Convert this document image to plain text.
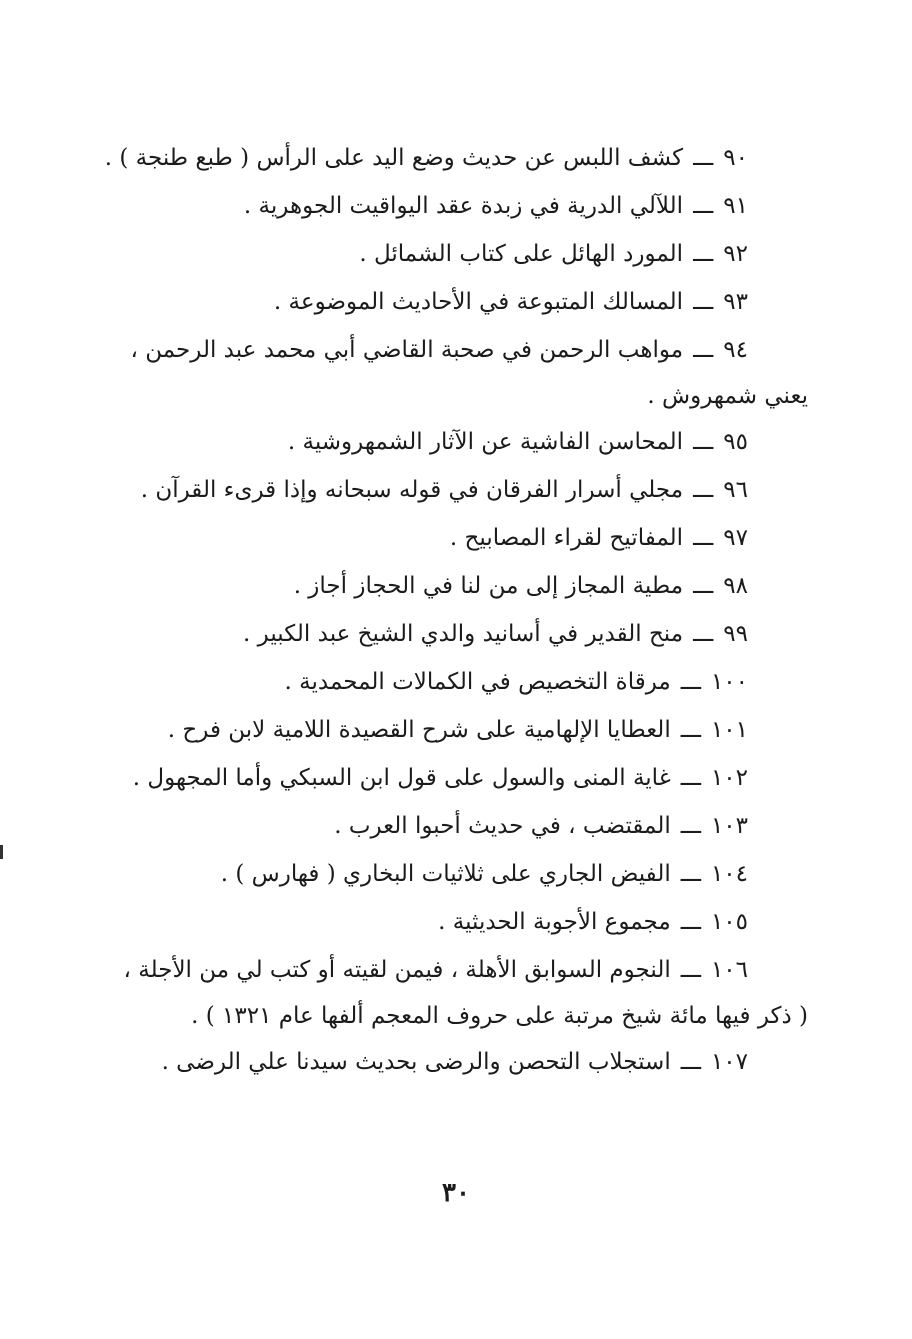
٩٠ـــكشف اللبس عن حديث وضع اليد على الرأس ( طبع طنجة ) .
٩١ـــاللآلي الدرية في زبدة عقد اليواقيت الجوهرية .
٩٢ـــالمورد الهائل على كتاب الشمائل .
٩٣ـــالمسالك المتبوعة في الأحاديث الموضوعة .
٩٤ـــمواهب الرحمن في صحبة القاضي أبي محمد عبد الرحمن ،
يعني شمهروش .
٩٥ـــالمحاسن الفاشية عن الآثار الشمهروشية .
٩٦ـــمجلي أسرار الفرقان في قوله سبحانه وإذا قرىء القرآن .
٩٧ـــالمفاتيح لقراء المصابيح .
٩٨ـــمطية المجاز إلى من لنا في الحجاز أجاز .
٩٩ـــمنح القدير في أسانيد والدي الشيخ عبد الكبير .
١٠٠ـــمرقاة التخصيص في الكمالات المحمدية .
١٠١ـــالعطايا الإلهامية على شرح القصيدة اللامية لابن فرح .
١٠٢ـــغاية المنى والسول على قول ابن السبكي وأما المجهول .
١٠٣ـــالمقتضب ، في حديث أحبوا العرب .
١٠٤ـــالفيض الجاري على ثلاثيات البخاري ( فهارس ) .
١٠٥ـــمجموع الأجوبة الحديثية .
١٠٦ـــالنجوم السوابق الأهلة ، فيمن لقيته أو كتب لي من الأجلة ،
( ذكر فيها مائة شيخ مرتبة على حروف المعجم ألفها عام ١٣٢١ ) .
١٠٧ـــاستجلاب التحصن والرضى بحديث سيدنا علي الرضى .
٣٠
